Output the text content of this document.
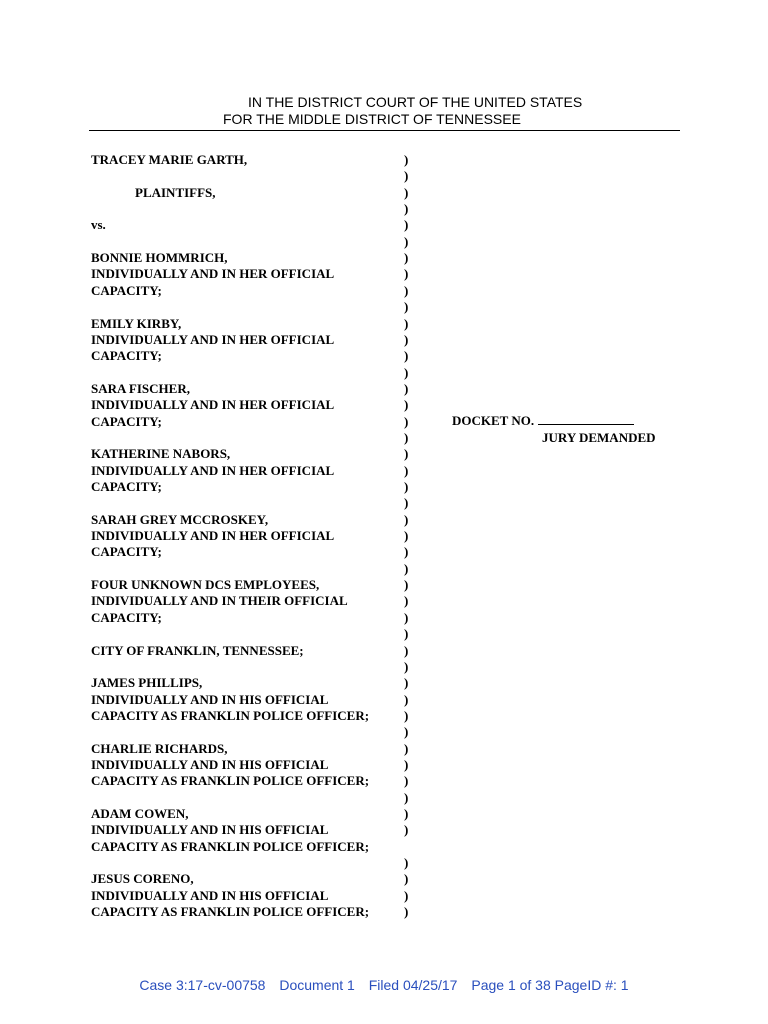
IN THE DISTRICT COURT OF THE UNITED STATES
FOR THE MIDDLE DISTRICT OF TENNESSEE
TRACEY MARIE GARTH,	)
)
PLAINTIFFS,	)
)
vs.	)
)
BONNIE HOMMRICH,	)
INDIVIDUALLY AND IN HER OFFICIAL	)
CAPACITY;	)
)
EMILY KIRBY,	)
INDIVIDUALLY AND IN HER OFFICIAL	)
CAPACITY;	)
)
SARA FISCHER,	)
INDIVIDUALLY AND IN HER OFFICIAL	)
CAPACITY;	)
)
KATHERINE NABORS,	)
INDIVIDUALLY AND IN HER OFFICIAL	)
CAPACITY;	)
)
SARAH GREY MCCROSKEY,	)
INDIVIDUALLY AND IN HER OFFICIAL	)
CAPACITY;	)
)
FOUR UNKNOWN DCS EMPLOYEES,	)
INDIVIDUALLY AND IN THEIR OFFICIAL	)
CAPACITY;	)
)
CITY OF FRANKLIN, TENNESSEE;	)
)
JAMES PHILLIPS,	)
INDIVIDUALLY AND IN HIS OFFICIAL	)
CAPACITY AS FRANKLIN POLICE OFFICER;	)
)
CHARLIE RICHARDS,	)
INDIVIDUALLY AND IN HIS OFFICIAL	)
CAPACITY AS FRANKLIN POLICE OFFICER;	)
)
ADAM COWEN,	)
INDIVIDUALLY AND IN HIS OFFICIAL	)
CAPACITY AS FRANKLIN POLICE OFFICER;
)
JESUS CORENO,	)
INDIVIDUALLY AND IN HIS OFFICIAL	)
CAPACITY AS FRANKLIN POLICE OFFICER;	)
DOCKET NO.
JURY DEMANDED
Case 3:17-cv-00758 Document 1 Filed 04/25/17 Page 1 of 38 PageID #: 1
